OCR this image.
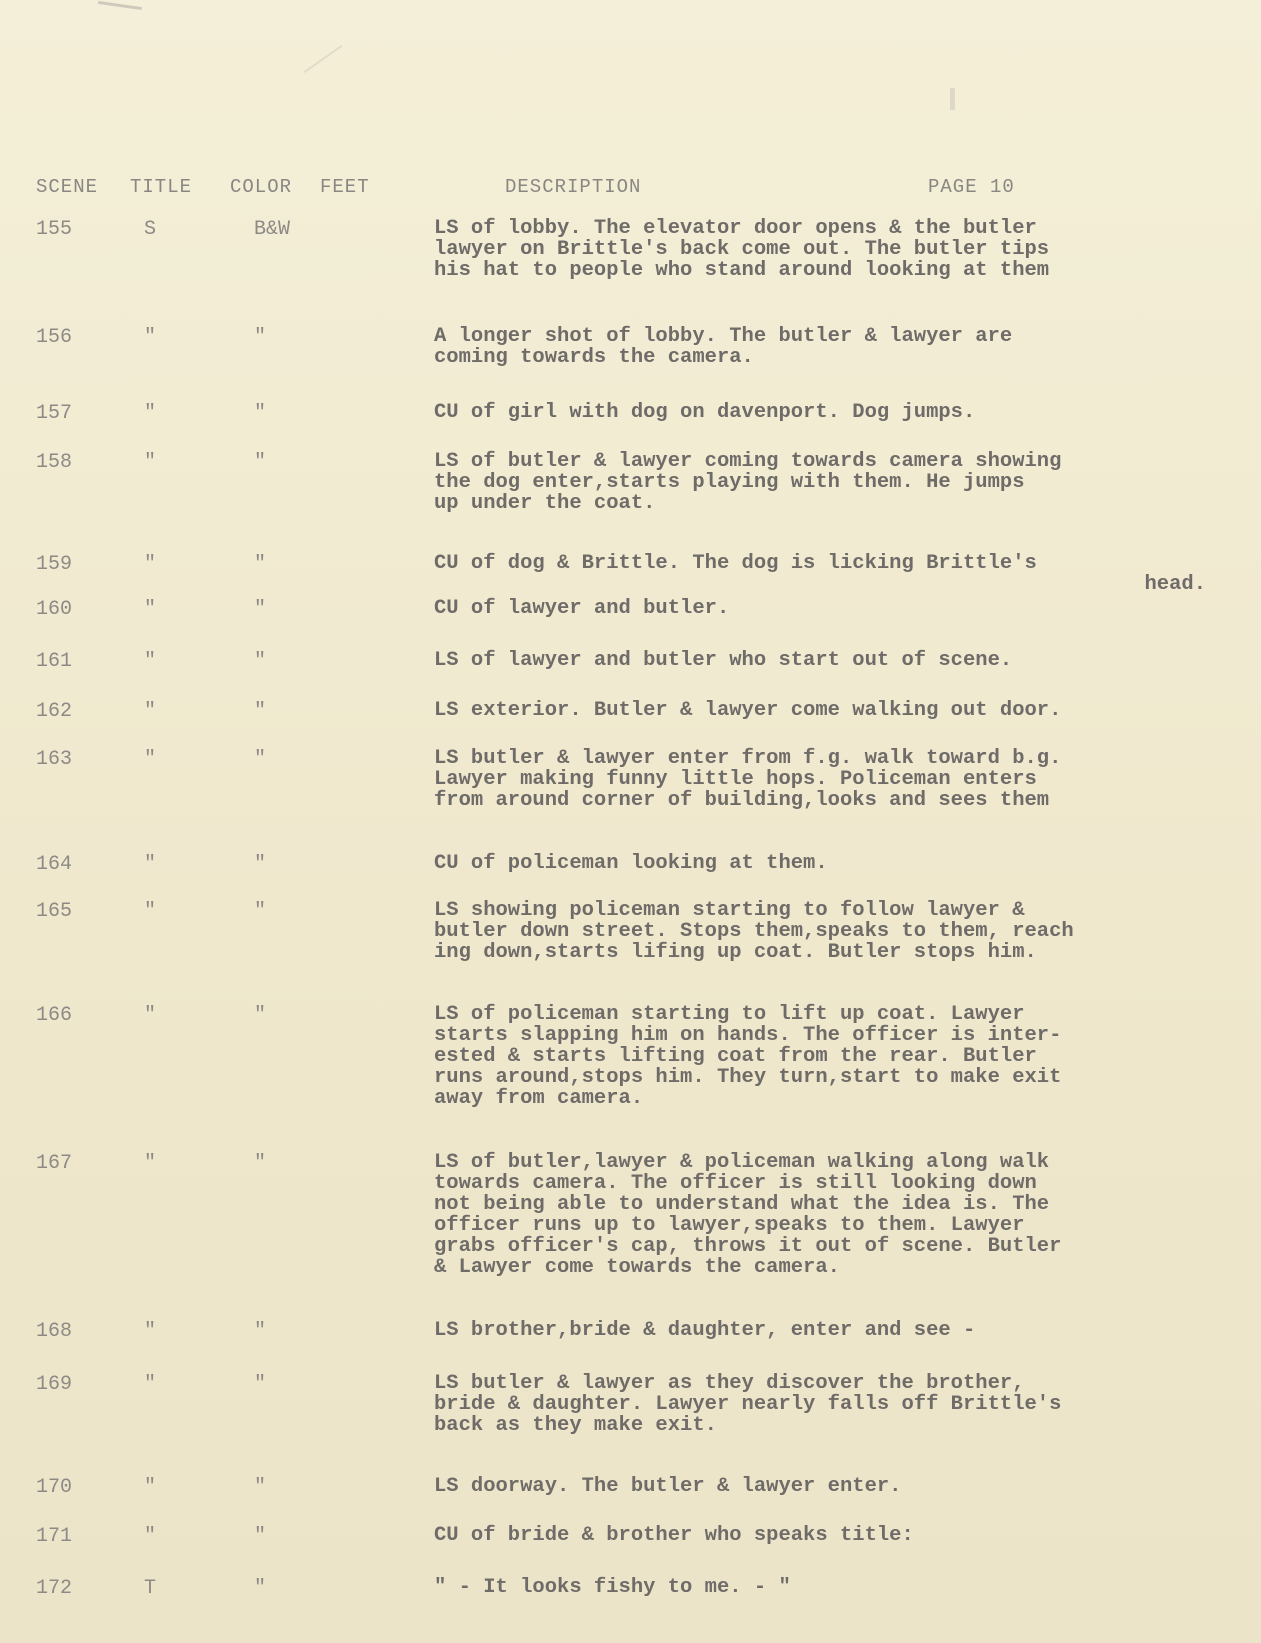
SCENE TITLE COLOR FEET	DESCRIPTION	PAGE 10
155	S	B&W	LS of lobby. The elevator door opens & the butler
lawyer on Brittle's back come out. The butler tips
his hat to people who stand around looking at them
156	"	"	A longer shot of lobby. The butler & lawyer are
coming towards the camera.
157	"	"	CU of girl with dog on davenport. Dog jumps.
158	"	"	LS of butler & lawyer coming towards camera showing
the dog enter,starts playing with them. He jumps
up under the coat.
159	"	"	CU of dog & Brittle. The dog is licking Brittle's
head.
160	"	"	CU of lawyer and butler.
161	"	"	LS of lawyer and butler who start out of scene.
162	"	"	LS exterior. Butler & lawyer come walking out door.
163	"	"	LS butler & lawyer enter from f.g. walk toward b.g.
Lawyer making funny little hops. Policeman enters
from around corner of building,looks and sees them
164	"	"	CU of policeman looking at them.
165	"	"	LS showing policeman starting to follow lawyer &
butler down street. Stops them,speaks to them, reach
ing down,starts lifing up coat. Butler stops him.
166	"	"	LS of policeman starting to lift up coat. Lawyer
starts slapping him on hands. The officer is inter-
ested & starts lifting coat from the rear. Butler
runs around,stops him. They turn,start to make exit
away from camera.
167	"	"	LS of butler,lawyer & policeman walking along walk
towards camera. The officer is still looking down
not being able to understand what the idea is. The
officer runs up to lawyer,speaks to them. Lawyer
grabs officer's cap, throws it out of scene. Butler
& Lawyer come towards the camera.
168	"	"	LS brother,bride & daughter, enter and see -
169	"	"	LS butler & lawyer as they discover the brother,
bride & daughter. Lawyer nearly falls off Brittle's
back as they make exit.
170	"	"	LS doorway. The butler & lawyer enter.
171	"	"	CU of bride & brother who speaks title:
172	T	"	" - It looks fishy to me. - "
